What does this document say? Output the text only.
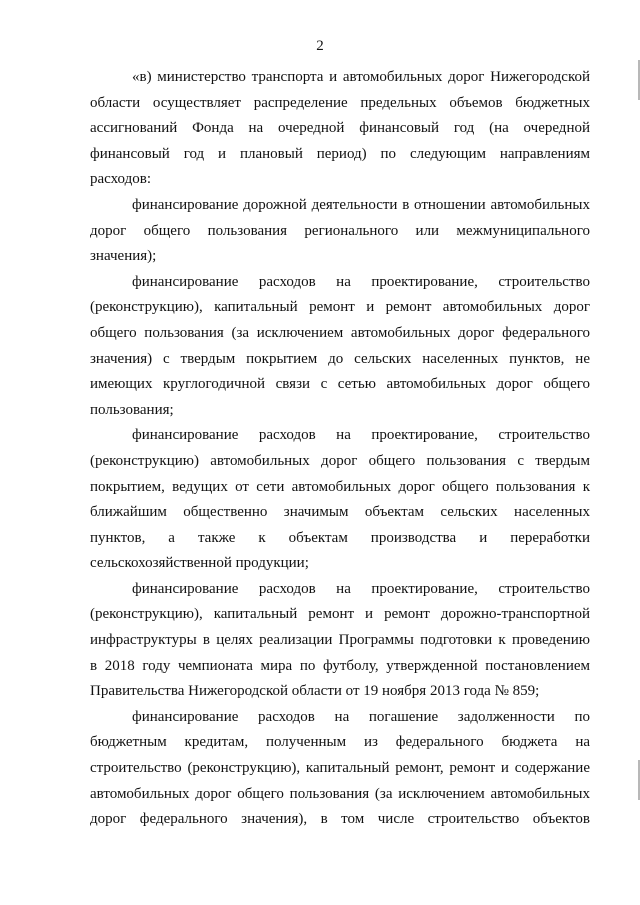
2

«в) министерство транспорта и автомобильных дорог Нижегородской
области осуществляет распределение предельных объемов бюджетных
ассигнований Фонда на очередной финансовый год (на очередной
финансовый год и плановый период) по следующим направлениям
расходов:

финансирование дорожной деятельности в отношении автомобильных
дорог общего пользования регионального или межмуниципального
значения);

финансирование расходов на проектирование, строительство
(реконструкцию), капитальный ремонт и ремонт автомобильных дорог
общего пользования (за исключением автомобильных дорог федерального
значения) с твердым покрытием до сельских населенных пунктов, не
имеющих круглогодичной связи с сетью автомобильных дорог общего
пользования;

финансирование расходов на проектирование, строительство
(реконструкцию) автомобильных дорог общего пользования с твердым
покрытием, ведущих от сети автомобильных дорог общего пользования к
ближайшим общественно значимым объектам сельских населенных
пунктов, а также к объектам производства и переработки
сельскохозяйственной продукции;

финансирование расходов на проектирование, строительство
(реконструкцию), капитальный ремонт и ремонт дорожно-транспортной
инфраструктуры в целях реализации Программы подготовки к проведению
в 2018 году чемпионата мира по футболу, утвержденной постановлением
Правительства Нижегородской области от 19 ноября 2013 года № 859;

финансирование расходов на погашение задолженности по
бюджетным кредитам, полученным из федерального бюджета на
строительство (реконструкцию), капитальный ремонт, ремонт и содержание
автомобильных дорог общего пользования (за исключением автомобильных
дорог федерального значения), в том числе строительство объектов
